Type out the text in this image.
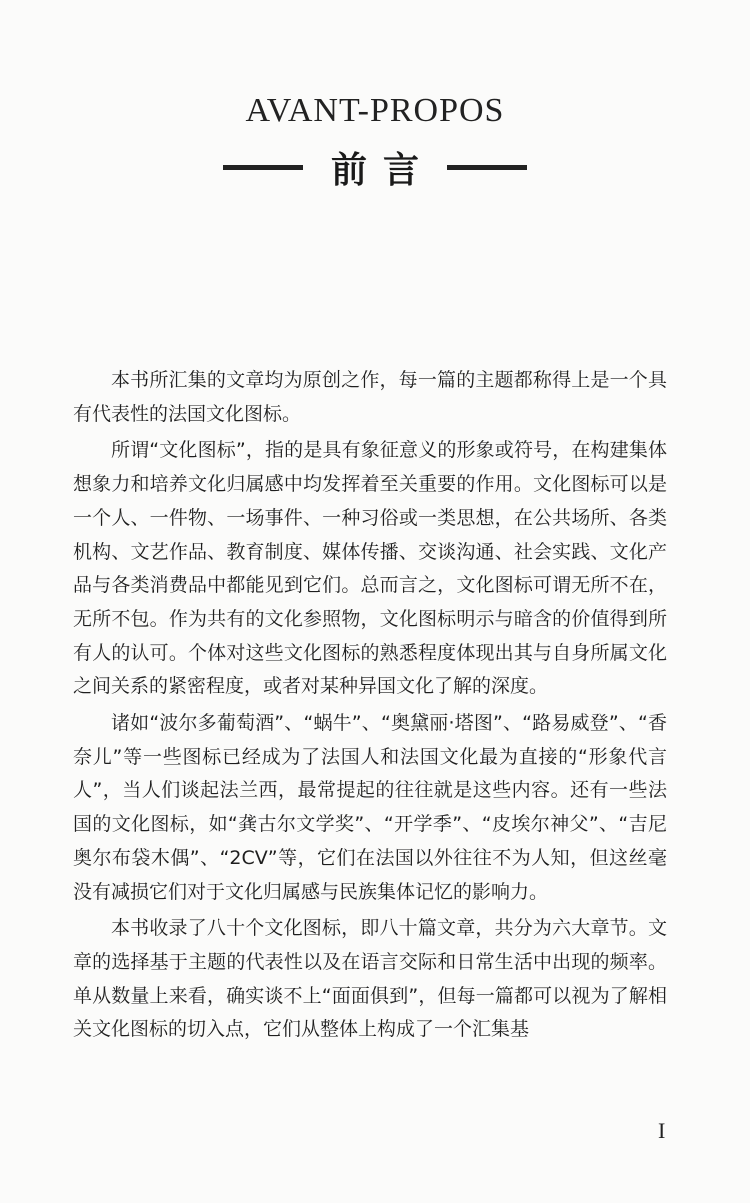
AVANT-PROPOS
前言

本书所汇集的文章均为原创之作，每一篇的主题都称得上是一个具有代表性的法国文化图标。

所谓“文化图标”，指的是具有象征意义的形象或符号，在构建集体想象力和培养文化归属感中均发挥着至关重要的作用。文化图标可以是一个人、一件物、一场事件、一种习俗或一类思想，在公共场所、各类机构、文艺作品、教育制度、媒体传播、交谈沟通、社会实践、文化产品与各类消费品中都能见到它们。总而言之，文化图标可谓无所不在，无所不包。作为共有的文化参照物，文化图标明示与暗含的价值得到所有人的认可。个体对这些文化图标的熟悉程度体现出其与自身所属文化之间关系的紧密程度，或者对某种异国文化了解的深度。

诸如“波尔多葡萄酒”、“蜗牛”、“奥黛丽·塔图”、“路易威登”、“香奈儿”等一些图标已经成为了法国人和法国文化最为直接的“形象代言人”，当人们谈起法兰西，最常提起的往往就是这些内容。还有一些法国的文化图标，如“龚古尔文学奖”、“开学季”、“皮埃尔神父”、“吉尼奥尔布袋木偶”、“2CV”等，它们在法国以外往往不为人知，但这丝毫没有减损它们对于文化归属感与民族集体记忆的影响力。

本书收录了八十个文化图标，即八十篇文章，共分为六大章节。文章的选择基于主题的代表性以及在语言交际和日常生活中出现的频率。单从数量上来看，确实谈不上“面面俱到”，但每一篇都可以视为了解相关文化图标的切入点，它们从整体上构成了一个汇集基

I
